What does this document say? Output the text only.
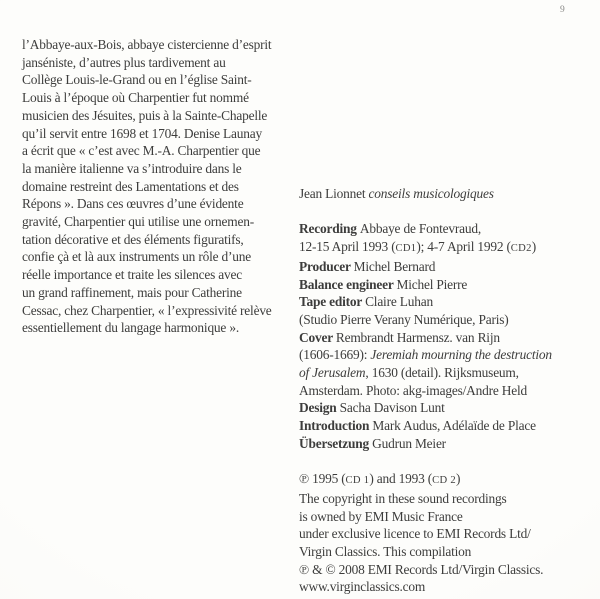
9
l’Abbaye-aux-Bois, abbaye cistercienne d’esprit
janséniste, d’autres plus tardivement au
Collège Louis-le-Grand ou en l’église Saint-
Louis à l’époque où Charpentier fut nommé
musicien des Jésuites, puis à la Sainte-Chapelle
qu’il servit entre 1698 et 1704. Denise Launay
a écrit que « c’est avec M.-A. Charpentier que
la manière italienne va s’introduire dans le
domaine restreint des Lamentations et des
Répons ». Dans ces œuvres d’une évidente
gravité, Charpentier qui utilise une ornemen-
tation décorative et des éléments figuratifs,
confie çà et là aux instruments un rôle d’une
réelle importance et traite les silences avec
un grand raffinement, mais pour Catherine
Cessac, chez Charpentier, « l’expressivité relève
essentiellement du langage harmonique ».
Jean Lionnet conseils musicologiques
Recording Abbaye de Fontevraud,
12-15 April 1993 (CD1); 4-7 April 1992 (CD2)
Producer Michel Bernard
Balance engineer Michel Pierre
Tape editor Claire Luhan
(Studio Pierre Verany Numérique, Paris)
Cover Rembrandt Harmensz. van Rijn
(1606-1669): Jeremiah mourning the destruction
of Jerusalem, 1630 (detail). Rijksmuseum,
Amsterdam. Photo: akg-images/Andre Held
Design Sacha Davison Lunt
Introduction Mark Audus, Adélaïde de Place
Übersetzung Gudrun Meier
℗ 1995 (CD 1) and 1993 (CD 2)
The copyright in these sound recordings
is owned by EMI Music France
under exclusive licence to EMI Records Ltd/
Virgin Classics. This compilation
℗ & © 2008 EMI Records Ltd/Virgin Classics.
www.virginclassics.com
